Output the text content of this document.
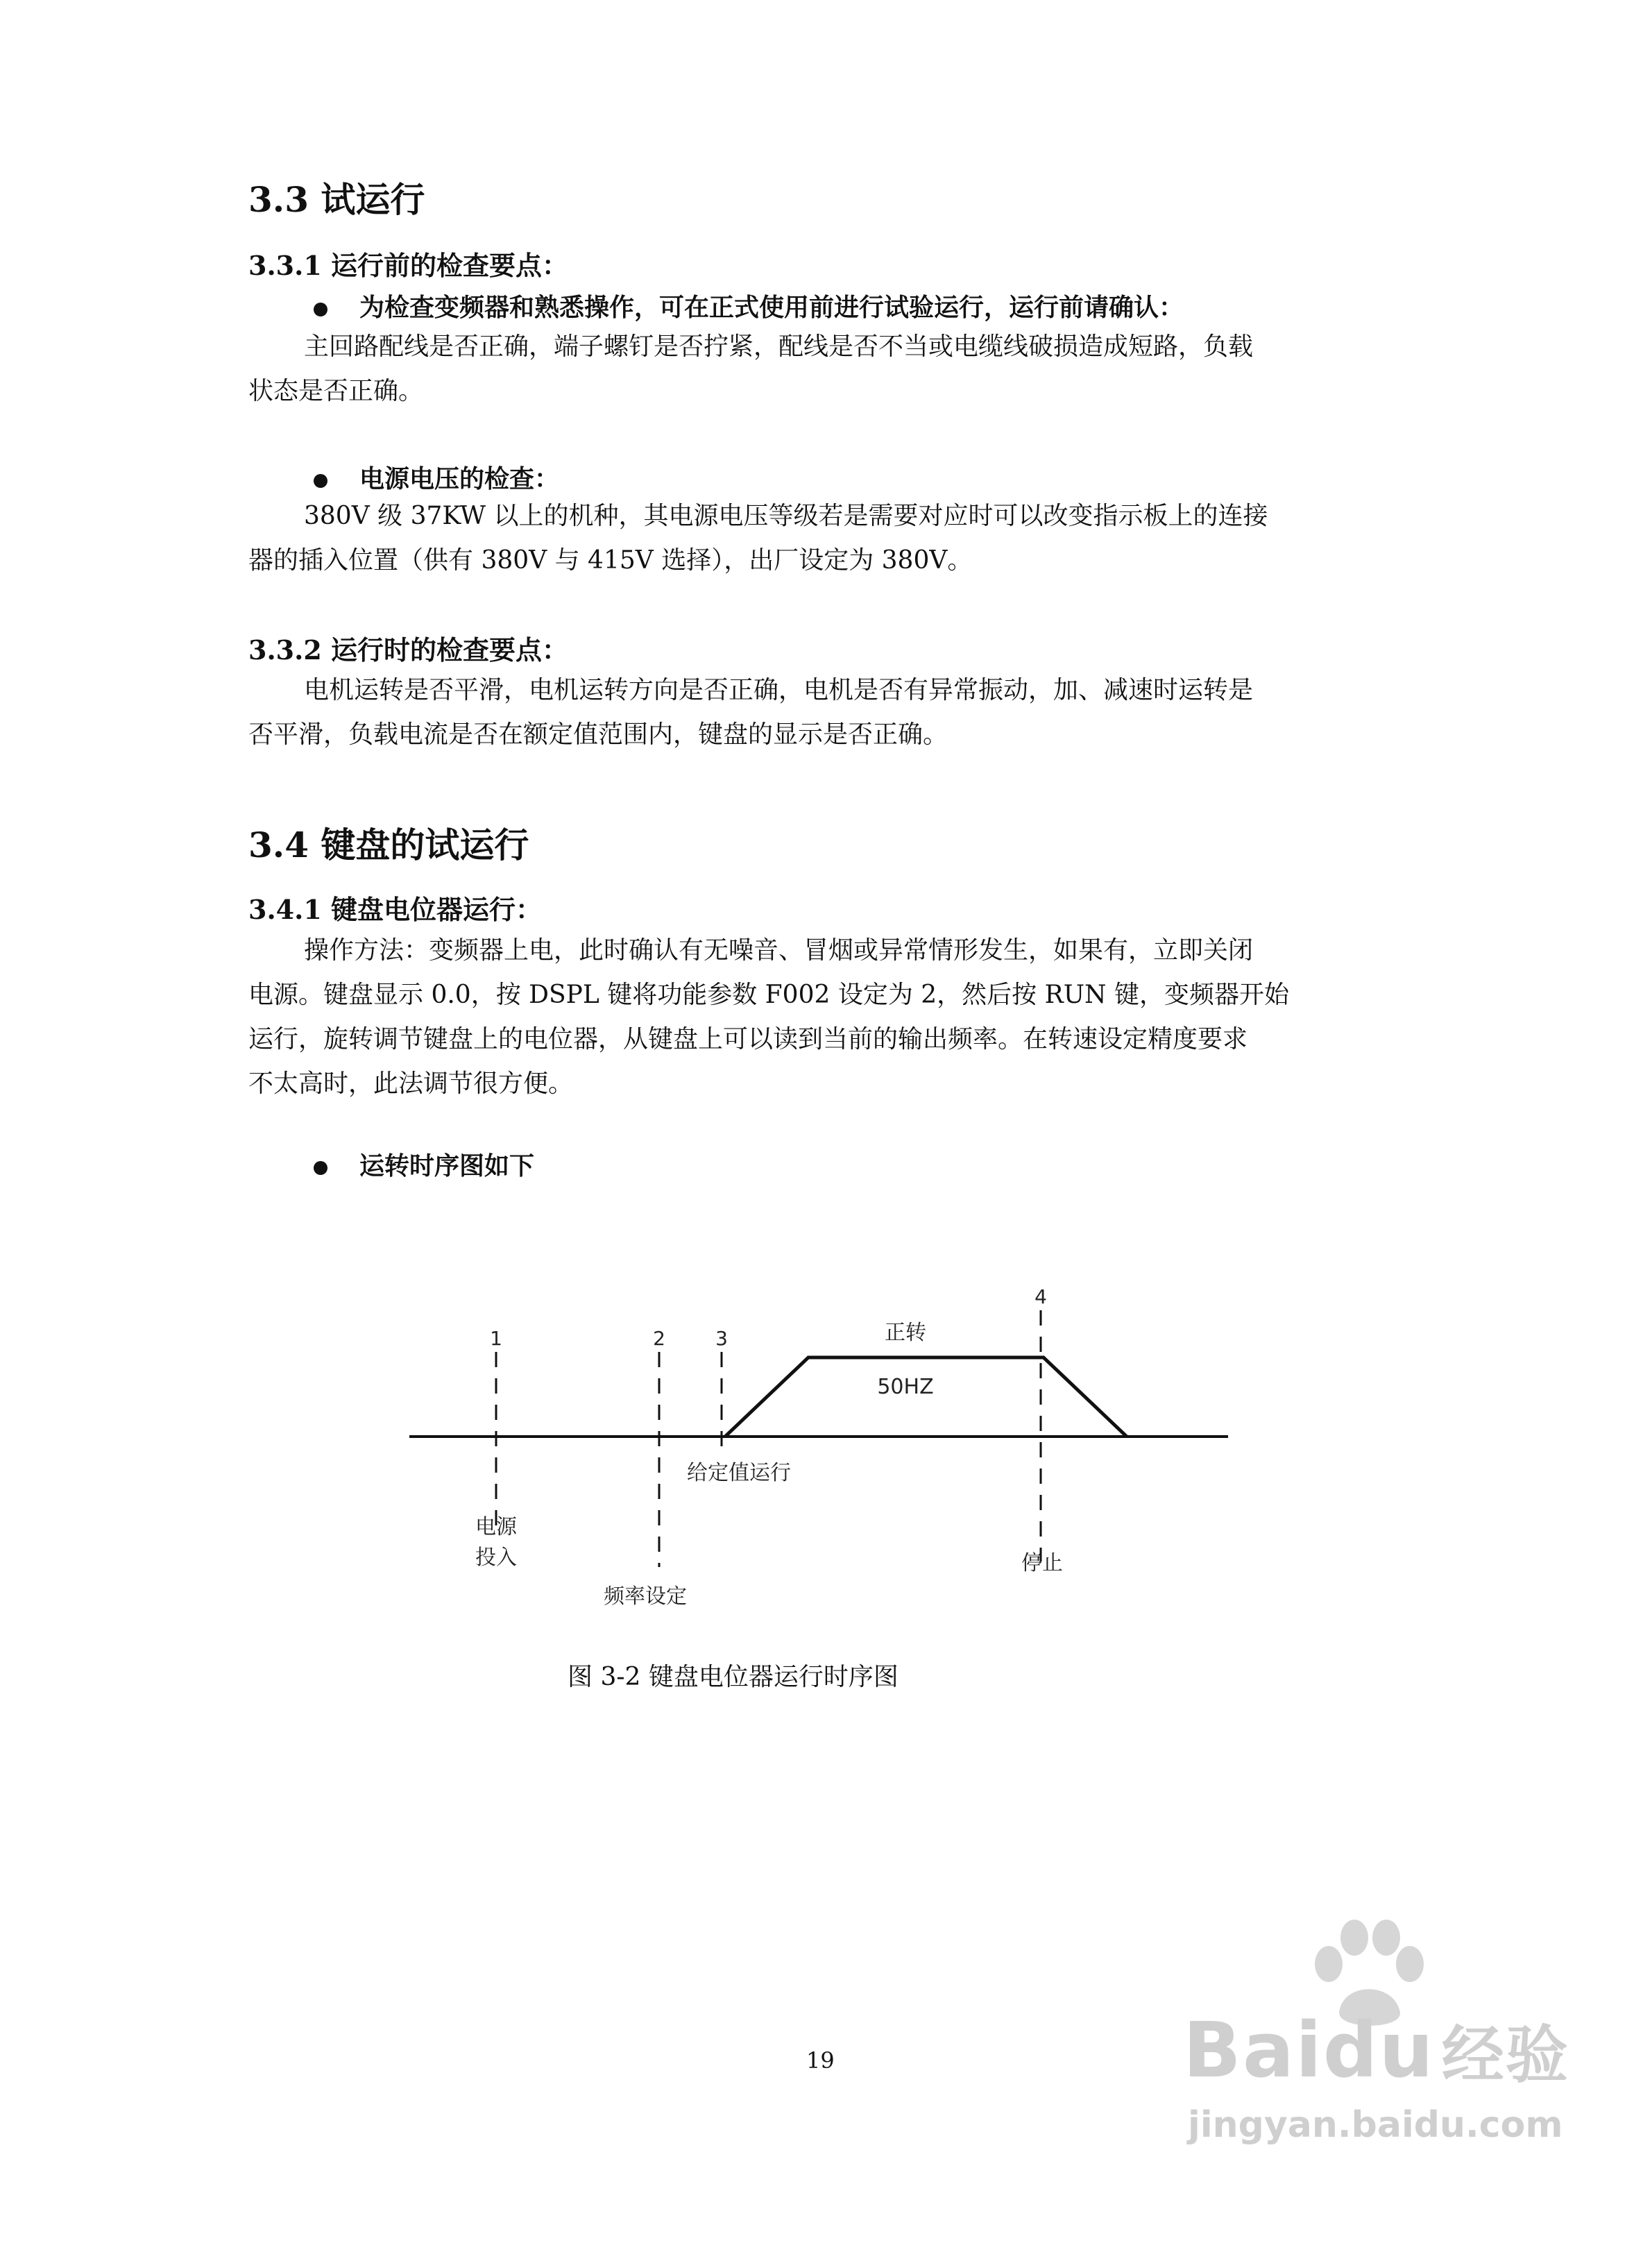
3.3 试运行
3.3.1 运行前的检查要点：
为检查变频器和熟悉操作，可在正式使用前进行试验运行，运行前请确认：
主回路配线是否正确，端子螺钉是否拧紧，配线是否不当或电缆线破损造成短路，负载
状态是否正确。
电源电压的检查：
380V 级 37KW 以上的机种，其电源电压等级若是需要对应时可以改变指示板上的连接
器的插入位置（供有 380V 与 415V 选择），出厂设定为 380V。
3.3.2 运行时的检查要点：
电机运转是否平滑，电机运转方向是否正确，电机是否有异常振动，加、减速时运转是
否平滑，负载电流是否在额定值范围内，键盘的显示是否正确。
3.4 键盘的试运行
3.4.1 键盘电位器运行：
操作方法：变频器上电，此时确认有无噪音、冒烟或异常情形发生，如果有，立即关闭
电源。键盘显示 0.0，按 DSPL 键将功能参数 F002 设定为 2，然后按 RUN 键，变频器开始
运行，旋转调节键盘上的电位器，从键盘上可以读到当前的输出频率。在转速设定精度要求
不太高时，此法调节很方便。
运转时序图如下
1	2	3
4
正转
50HZ
给定值运行
电源
投入
频率设定
停止
图 3-2 键盘电位器运行时序图
19	Baidu 经验
jingyan.baidu.com
